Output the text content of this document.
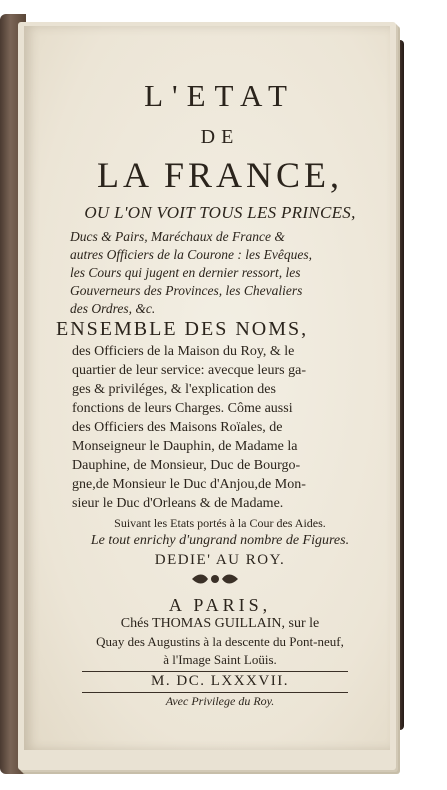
L'ETAT
DE
LA FRANCE,
OU L'ON VOIT TOUS LES PRINCES,
Ducs & Pairs, Maréchaux de France &
autres Officiers de la Courone : les Evêques,
les Cours qui jugent en dernier ressort, les
Gouverneurs des Provinces, les Chevaliers
des Ordres, &c.
ENSEMBLE DES NOMS,
des Officiers de la Maison du Roy, & le
quartier de leur service: avecque leurs ga-
ges & priviléges, & l'explication des
fonctions de leurs Charges. Côme aussi
des Officiers des Maisons Roïales, de
Monseigneur le Dauphin, de Madame la
Dauphine, de Monsieur, Duc de Bourgo-
gne,de Monsieur le Duc d'Anjou,de Mon-
sieur le Duc d'Orleans & de Madame.
Suivant les Etats portés à la Cour des Aides.
Le tout enrichy d'ungrand nombre de Figures.
DEDIE' AU ROY.
A PARIS,
Chés THOMAS GUILLAIN, sur le
Quay des Augustins à la descente du Pont-neuf,
à l'Image Saint Loüis.
M. DC. LXXXVII.
Avec Privilege du Roy.
